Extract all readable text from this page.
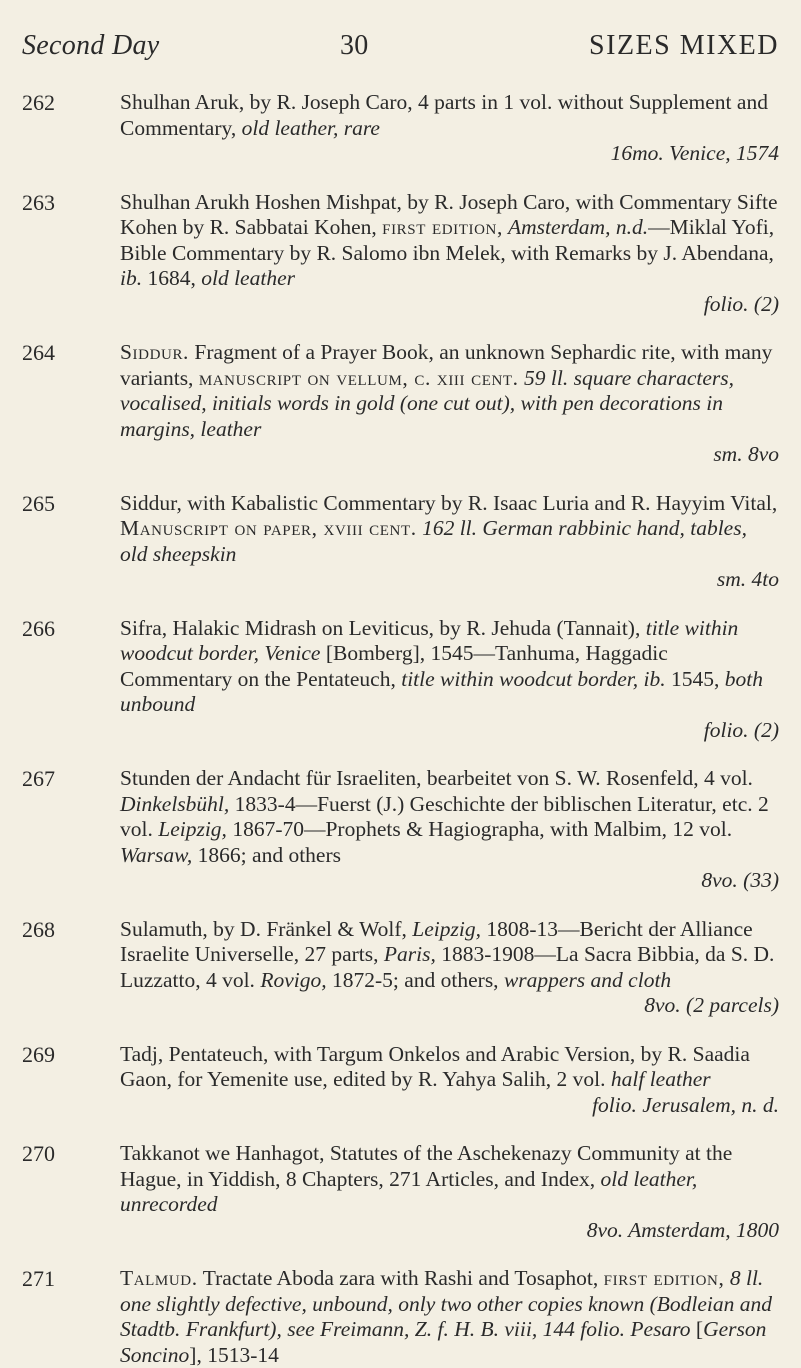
Second Day	30	SIZES MIXED
262	Shulhan Aruk, by R. Joseph Caro, 4 parts in 1 vol. without Supplement and Commentary, old leather, rare
16mo. Venice, 1574
263	Shulhan Arukh Hoshen Mishpat, by R. Joseph Caro, with Commentary Sifte Kohen by R. Sabbatai Kohen, first edition, Amsterdam, n.d.—Miklal Yofi, Bible Commentary by R. Salomo ibn Melek, with Remarks by J. Abendana, ib. 1684, old leather
folio. (2)
264	Siddur. Fragment of a Prayer Book, an unknown Sephardic rite, with many variants, manuscript on vellum, c. xiii cent. 59 ll. square characters, vocalised, initials words in gold (one cut out), with pen decorations in margins, leather
sm. 8vo
265	Siddur, with Kabalistic Commentary by R. Isaac Luria and R. Hayyim Vital, Manuscript on paper, xviii cent. 162 ll. German rabbinic hand, tables, old sheepskin
sm. 4to
266	Sifra, Halakic Midrash on Leviticus, by R. Jehuda (Tannait), title within woodcut border, Venice [Bomberg], 1545—Tanhuma, Haggadic Commentary on the Pentateuch, title within woodcut border, ib. 1545, both unbound
folio. (2)
267	Stunden der Andacht für Israeliten, bearbeitet von S. W. Rosenfeld, 4 vol. Dinkelsbühl, 1833-4—Fuerst (J.) Geschichte der biblischen Literatur, etc. 2 vol. Leipzig, 1867-70—Prophets & Hagiographa, with Malbim, 12 vol. Warsaw, 1866; and others
8vo. (33)
268	Sulamuth, by D. Fränkel & Wolf, Leipzig, 1808-13—Bericht der Alliance Israelite Universelle, 27 parts, Paris, 1883-1908—La Sacra Bibbia, da S. D. Luzzatto, 4 vol. Rovigo, 1872-5; and others, wrappers and cloth
8vo. (2 parcels)
269	Tadj, Pentateuch, with Targum Onkelos and Arabic Version, by R. Saadia Gaon, for Yemenite use, edited by R. Yahya Salih, 2 vol. half leather
folio. Jerusalem, n. d.
270	Takkanot we Hanhagot, Statutes of the Aschekenazy Community at the Hague, in Yiddish, 8 Chapters, 271 Articles, and Index, old leather, unrecorded
8vo. Amsterdam, 1800
271	Talmud. Tractate Aboda zara with Rashi and Tosaphot, first edition, 8 ll. one slightly defective, unbound, only two other copies known (Bodleian and Stadtb. Frankfurt), see Freimann, Z. f. H. B. viii, 144 folio. Pesaro [Gerson Soncino], 1513-14
